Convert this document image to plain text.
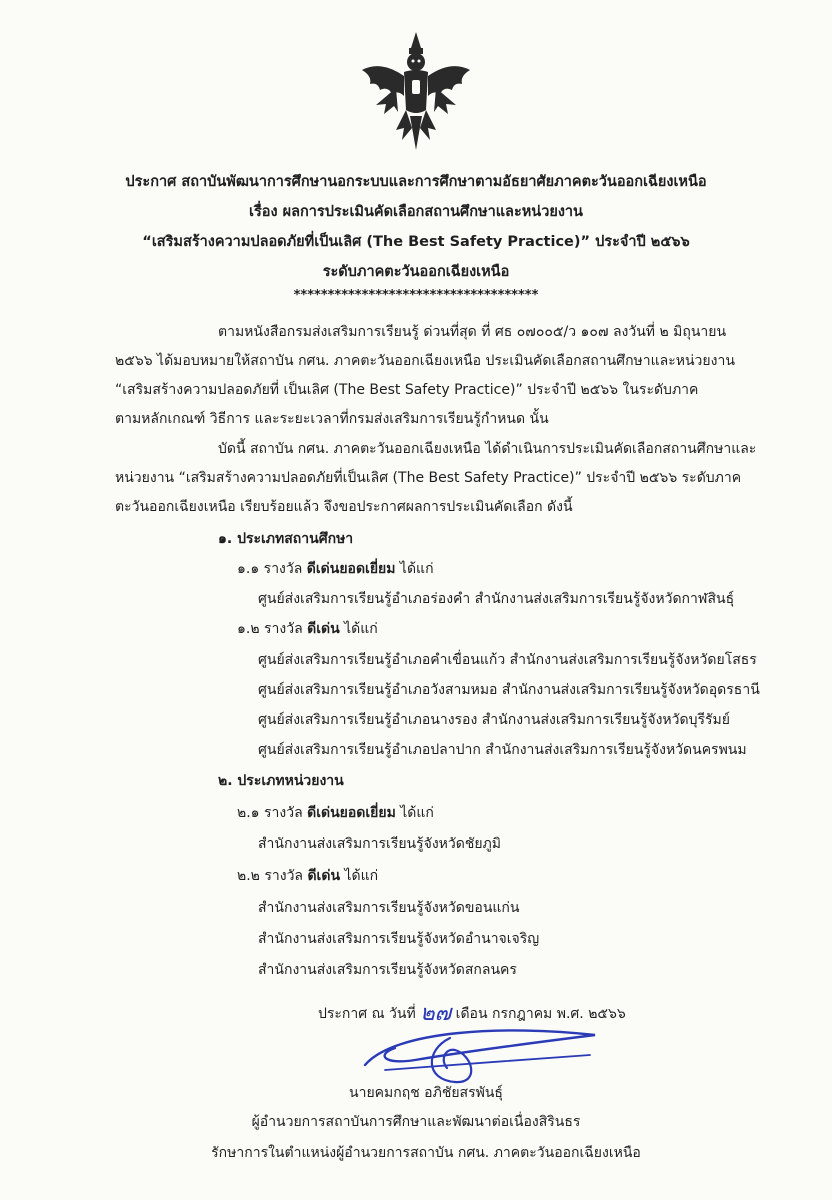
ประกาศ สถาบันพัฒนาการศึกษานอกระบบและการศึกษาตามอัธยาศัยภาคตะวันออกเฉียงเหนือ
เรื่อง ผลการประเมินคัดเลือกสถานศึกษาและหน่วยงาน
“เสริมสร้างความปลอดภัยที่เป็นเลิศ (The Best Safety Practice)” ประจำปี ๒๕๖๖
ระดับภาคตะวันออกเฉียงเหนือ
************************************
ตามหนังสือกรมส่งเสริมการเรียนรู้ ด่วนที่สุด ที่ ศธ ๐๗๐๐๕/ว ๑๐๗ ลงวันที่ ๒ มิถุนายน
๒๕๖๖ ได้มอบหมายให้สถาบัน กศน. ภาคตะวันออกเฉียงเหนือ ประเมินคัดเลือกสถานศึกษาและหน่วยงาน
“เสริมสร้างความปลอดภัยที่ เป็นเลิศ (The Best Safety Practice)” ประจำปี ๒๕๖๖ ในระดับภาค
ตามหลักเกณฑ์ วิธีการ และระยะเวลาที่กรมส่งเสริมการเรียนรู้กำหนด นั้น
บัดนี้ สถาบัน กศน. ภาคตะวันออกเฉียงเหนือ ได้ดำเนินการประเมินคัดเลือกสถานศึกษาและ
หน่วยงาน “เสริมสร้างความปลอดภัยที่เป็นเลิศ (The Best Safety Practice)” ประจำปี ๒๕๖๖ ระดับภาค
ตะวันออกเฉียงเหนือ เรียบร้อยแล้ว จึงขอประกาศผลการประเมินคัดเลือก ดังนี้
๑. ประเภทสถานศึกษา
๑.๑ รางวัล ดีเด่นยอดเยี่ยม ได้แก่
ศูนย์ส่งเสริมการเรียนรู้อำเภอร่องคำ สำนักงานส่งเสริมการเรียนรู้จังหวัดกาฬสินธุ์
๑.๒ รางวัล ดีเด่น ได้แก่
ศูนย์ส่งเสริมการเรียนรู้อำเภอคำเขื่อนแก้ว สำนักงานส่งเสริมการเรียนรู้จังหวัดยโสธร
ศูนย์ส่งเสริมการเรียนรู้อำเภอวังสามหมอ สำนักงานส่งเสริมการเรียนรู้จังหวัดอุดรธานี
ศูนย์ส่งเสริมการเรียนรู้อำเภอนางรอง สำนักงานส่งเสริมการเรียนรู้จังหวัดบุรีรัมย์
ศูนย์ส่งเสริมการเรียนรู้อำเภอปลาปาก สำนักงานส่งเสริมการเรียนรู้จังหวัดนครพนม
๒. ประเภทหน่วยงาน
๒.๑ รางวัล ดีเด่นยอดเยี่ยม ได้แก่
สำนักงานส่งเสริมการเรียนรู้จังหวัดชัยภูมิ
๒.๒ รางวัล ดีเด่น ได้แก่
สำนักงานส่งเสริมการเรียนรู้จังหวัดขอนแก่น
สำนักงานส่งเสริมการเรียนรู้จังหวัดอำนาจเจริญ
สำนักงานส่งเสริมการเรียนรู้จังหวัดสกลนคร
ประกาศ ณ วันที่ ๒๗ เดือน กรกฎาคม พ.ศ. ๒๕๖๖
นายคมกฤช อภิชัยสรพันธุ์
ผู้อำนวยการสถาบันการศึกษาและพัฒนาต่อเนื่องสิรินธร
รักษาการในตำแหน่งผู้อำนวยการสถาบัน กศน. ภาคตะวันออกเฉียงเหนือ
